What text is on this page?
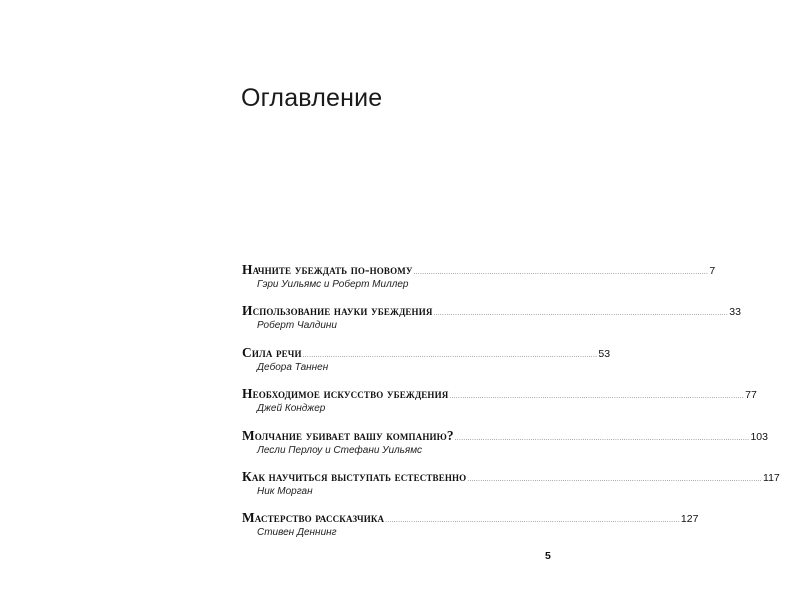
Оглавление
Начните убеждать по-новому ........................................................................................................................................ 7
Гэри Уильямс и Роберт Миллер
Использование науки убеждения ........................................................................................................................................ 33
Роберт Чалдини
Сила речи ........................................................................................................................................ 53
Дебора Таннен
Необходимое искусство убеждения ........................................................................................................................................ 77
Джей Конджер
Молчание убивает вашу компанию? ........................................................................................................................................ 103
Лесли Перлоу и Стефани Уильямс
Как научиться выступать естественно ........................................................................................................................................ 117
Ник Морган
Мастерство рассказчика ........................................................................................................................................ 127
Стивен Деннинг
5
